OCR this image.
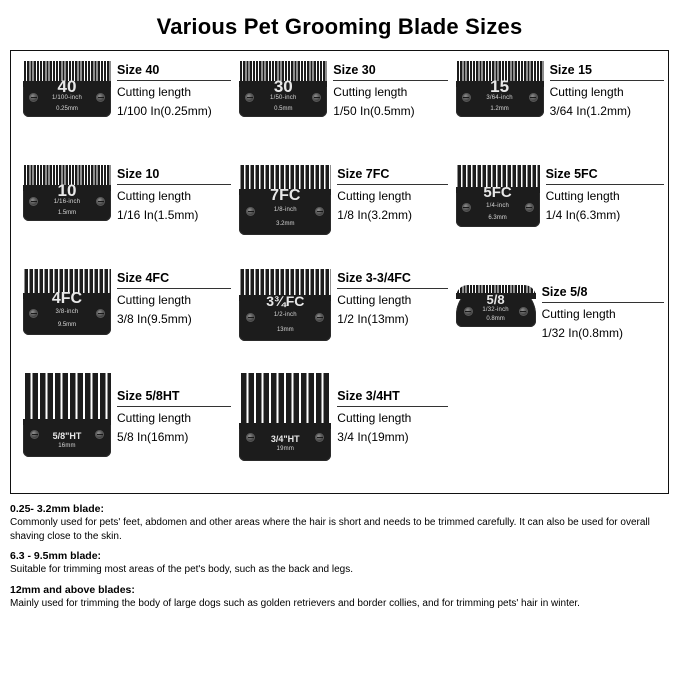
Various Pet Grooming Blade Sizes
40
1/100-inch
0.25mm
Size 40
Cutting length
1/100 In(0.25mm)
30
1/50-inch
0.5mm
Size 30
Cutting length
1/50 In(0.5mm)
15
3/64-inch
1.2mm
Size 15
Cutting length
3/64 In(1.2mm)
10
1/16-inch
1.5mm
Size 10
Cutting length
1/16 In(1.5mm)
7FC
1/8-inch
3.2mm
Size 7FC
Cutting length
1/8 In(3.2mm)
5FC
1/4-inch
6.3mm
Size 5FC
Cutting length
1/4 In(6.3mm)
4FC
3/8-inch
9.5mm
Size 4FC
Cutting length
3/8 In(9.5mm)
3¾FC
1/2-inch
13mm
Size 3-3/4FC
Cutting length
1/2 In(13mm)
5/8
1/32-inch
0.8mm
Size 5/8
Cutting length
1/32 In(0.8mm)
5/8"HT
16mm
Size 5/8HT
Cutting length
5/8 In(16mm)	3/4"HT
19mm
Size 3/4HT
Cutting length
3/4 In(19mm)
0.25- 3.2mm blade:
Commonly used for pets' feet, abdomen and other areas where the hair is short and needs to be trimmed carefully. It can also be used for overall shaving close to the skin.
6.3 - 9.5mm blade:
Suitable for trimming most areas of the pet's body, such as the back and legs.
12mm and above blades:
Mainly used for trimming the body of large dogs such as golden retrievers and border collies, and for trimming pets' hair in winter.
